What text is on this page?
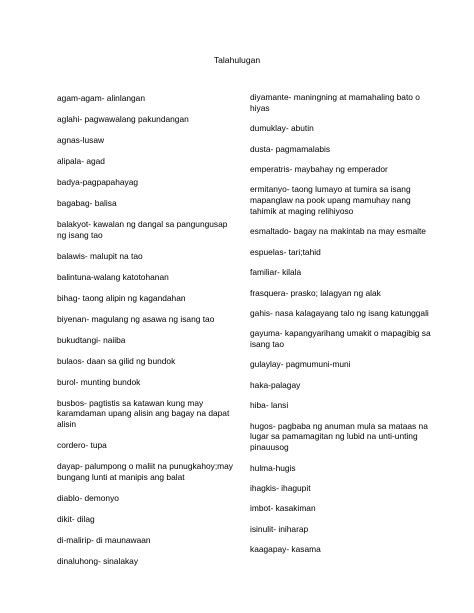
Talahulugan
agam-agam- alinlangan
aglahi- pagwawalang pakundangan
agnas-lusaw
alipala- agad
badya-pagpapahayag
bagabag- balisa
balakyot- kawalan ng dangal sa pangungusap ng isang tao
balawis- malupit na tao
balintuna-walang katotohanan
bihag- taong alipin ng kagandahan
biyenan- magulang ng asawa ng isang tao
bukudtangi- naiiba
bulaos- daan sa gilid ng bundok
burol- munting bundok
busbos- pagtistis sa katawan kung may karamdaman upang alisin ang bagay na dapat alisin
cordero- tupa
dayap- palumpong o maliit na punugkahoy;may bungang lunti at manipis ang balat
diablo- demonyo
dikit- dilag
di-malirip- di maunawaan
dinaluhong- sinalakay
diyamante- maningning at mamahaling bato o hiyas
dumuklay- abutin
dusta- pagmamalabis
emperatris- maybahay ng emperador
ermitanyo- taong lumayo at tumira sa isang mapanglaw na pook upang mamuhay nang tahimik at maging relihiyoso
esmaltado- bagay na makintab na may esmalte
espuelas- tari;tahid
familiar- kilala
frasquera- prasko; lalagyan ng alak
gahis- nasa kalagayang talo ng isang katunggali
gayuma- kapangyarihang umakit o mapagibig sa isang tao
gulaylay- pagmumuni-muni
haka-palagay
hiba- lansi
hugos- pagbaba ng anuman mula sa mataas na lugar sa pamamagitan ng lubid na unti-unting pinauusog
hulma-hugis
ihagkis- ihagupit
imbot- kasakiman
isinulit- iniharap
kaagapay- kasama
